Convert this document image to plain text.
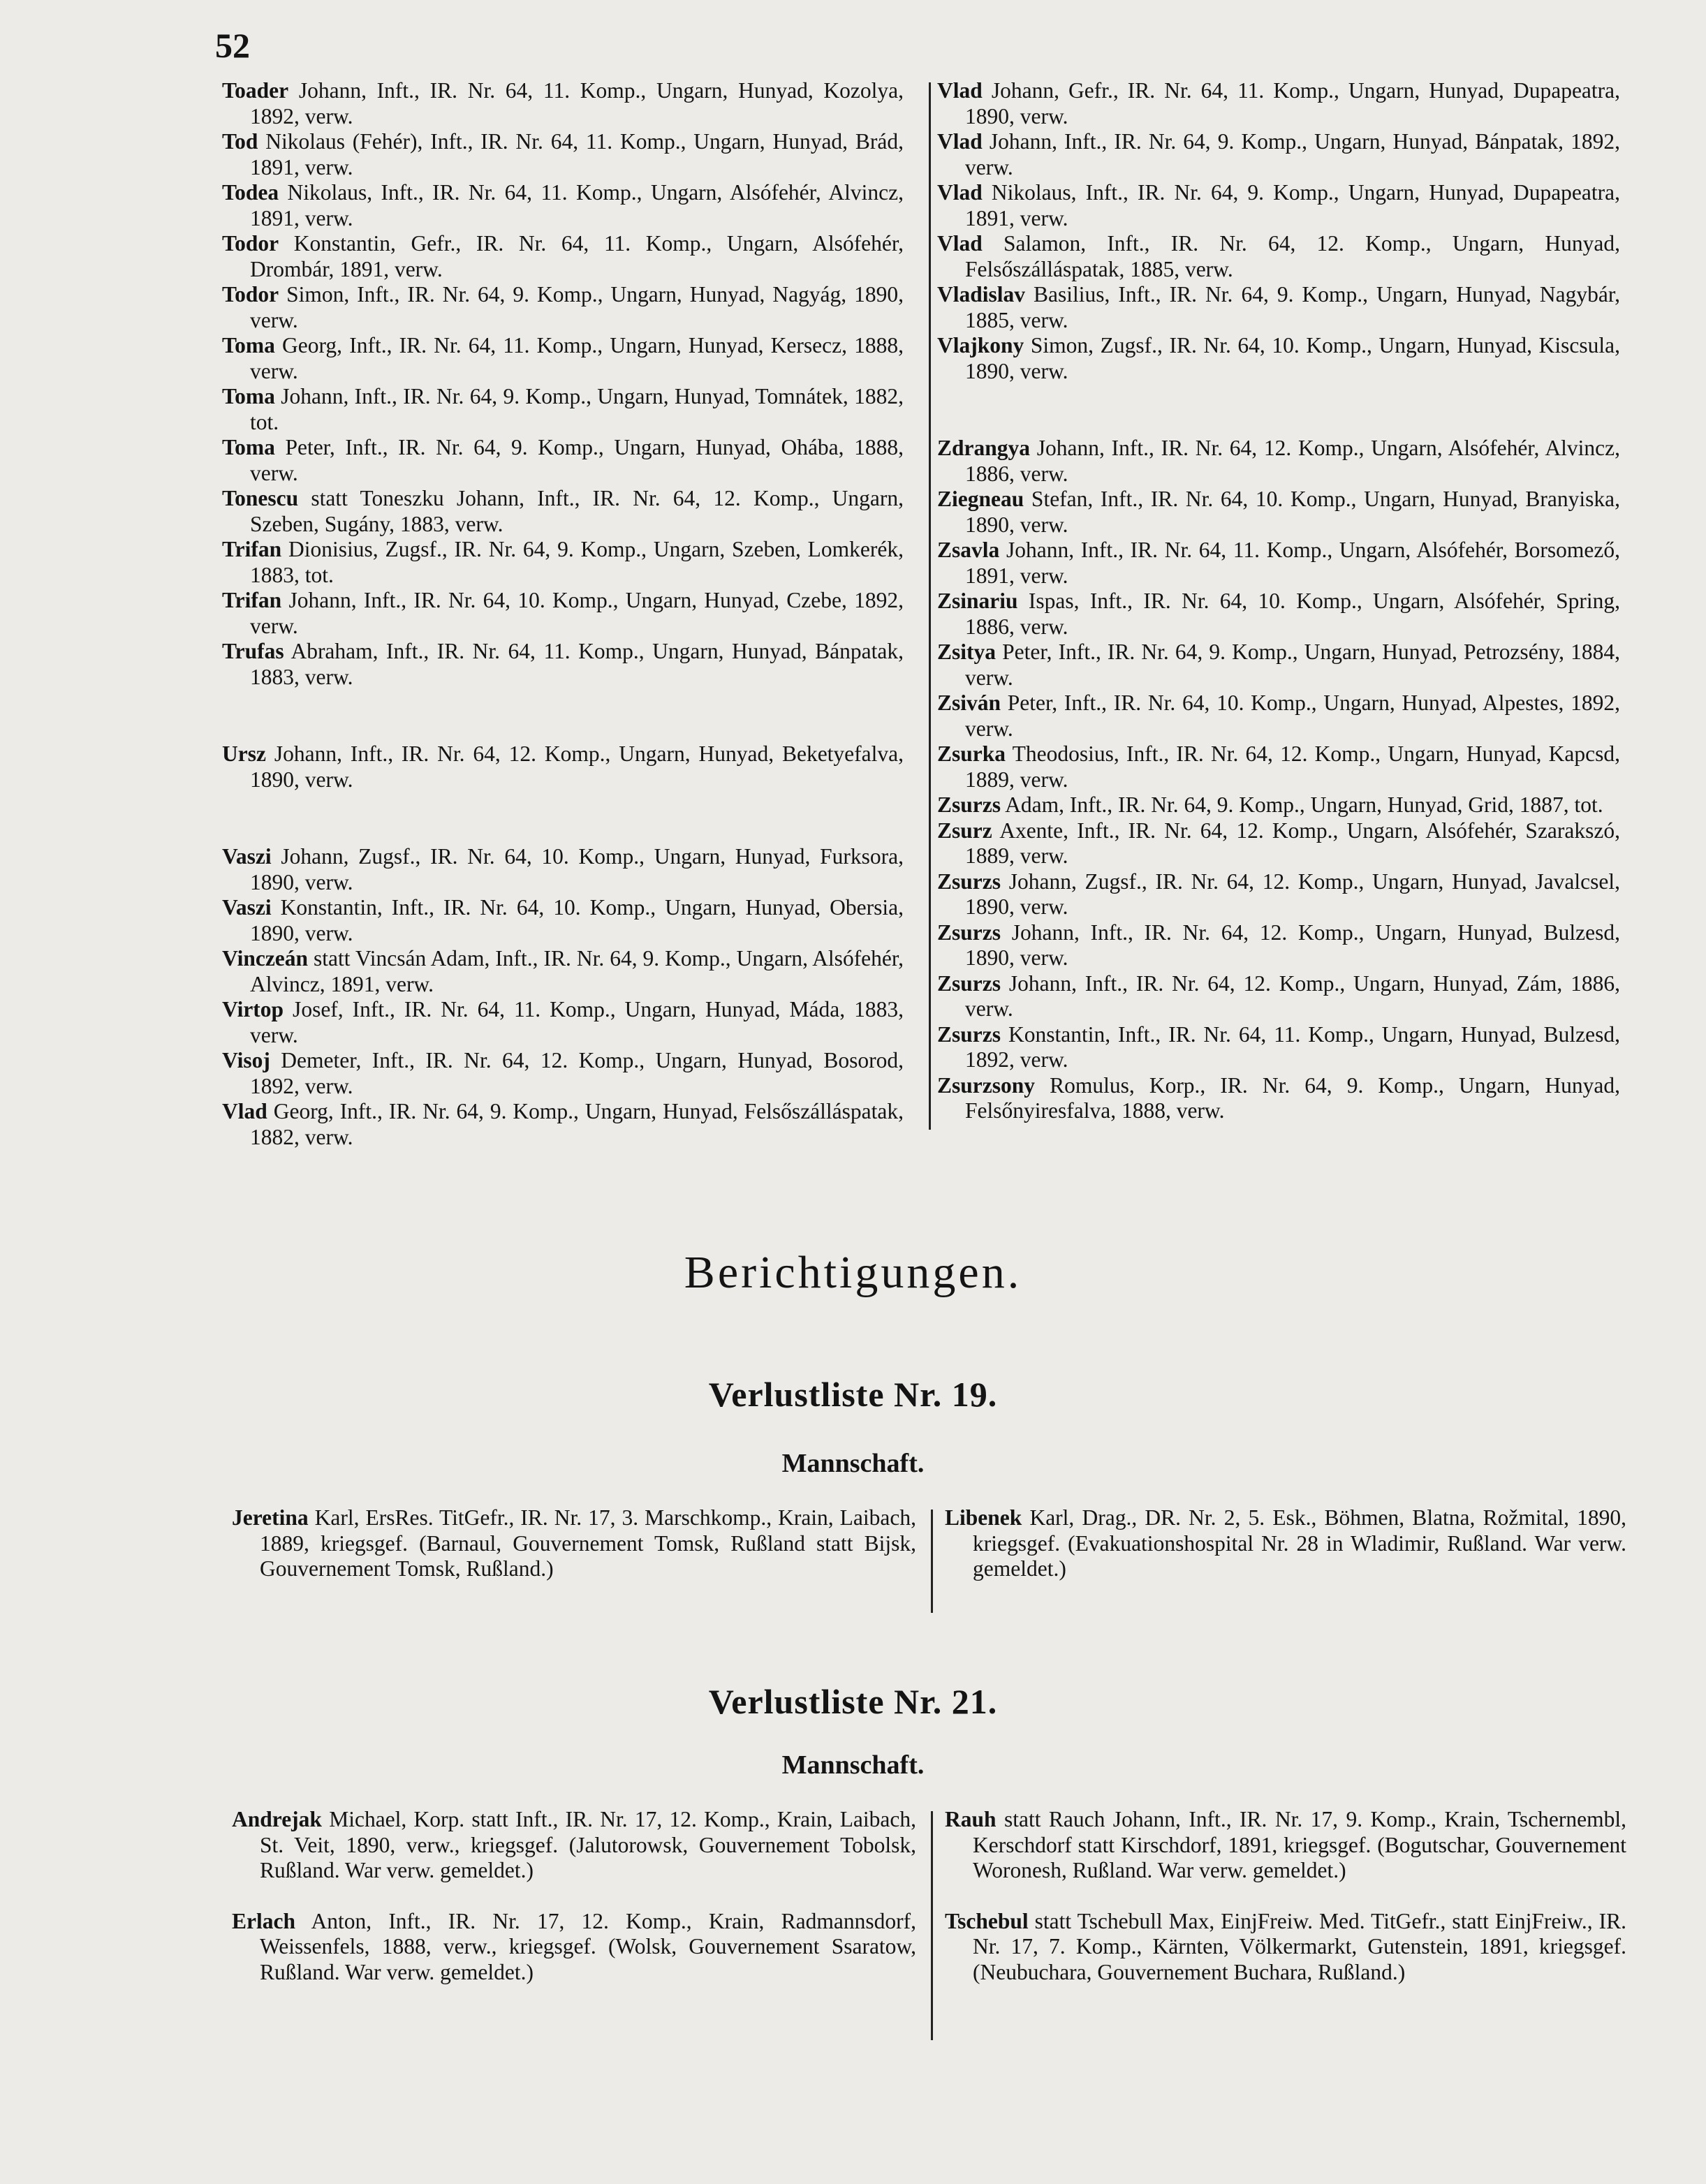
52
Toader Johann, Inft., IR. Nr. 64, 11. Komp., Ungarn, Hunyad, Kozolya, 1892, verw.
Tod Nikolaus (Fehér), Inft., IR. Nr. 64, 11. Komp., Ungarn, Hunyad, Brád, 1891, verw.
Todea Nikolaus, Inft., IR. Nr. 64, 11. Komp., Ungarn, Alsófehér, Alvincz, 1891, verw.
Todor Konstantin, Gefr., IR. Nr. 64, 11. Komp., Ungarn, Alsófehér, Drombár, 1891, verw.
Todor Simon, Inft., IR. Nr. 64, 9. Komp., Ungarn, Hunyad, Nagyág, 1890, verw.
Toma Georg, Inft., IR. Nr. 64, 11. Komp., Ungarn, Hunyad, Kersecz, 1888, verw.
Toma Johann, Inft., IR. Nr. 64, 9. Komp., Ungarn, Hunyad, Tomnátek, 1882, tot.
Toma Peter, Inft., IR. Nr. 64, 9. Komp., Ungarn, Hunyad, Ohába, 1888, verw.
Tonescu statt Toneszku Johann, Inft., IR. Nr. 64, 12. Komp., Ungarn, Szeben, Sugány, 1883, verw.
Trifan Dionisius, Zugsf., IR. Nr. 64, 9. Komp., Ungarn, Szeben, Lomkerék, 1883, tot.
Trifan Johann, Inft., IR. Nr. 64, 10. Komp., Ungarn, Hunyad, Czebe, 1892, verw.
Trufas Abraham, Inft., IR. Nr. 64, 11. Komp., Ungarn, Hunyad, Bánpatak, 1883, verw.
Ursz Johann, Inft., IR. Nr. 64, 12. Komp., Ungarn, Hunyad, Beketyefalva, 1890, verw.
Vaszi Johann, Zugsf., IR. Nr. 64, 10. Komp., Ungarn, Hunyad, Furksora, 1890, verw.
Vaszi Konstantin, Inft., IR. Nr. 64, 10. Komp., Ungarn, Hunyad, Obersia, 1890, verw.
Vinczeán statt Vincsán Adam, Inft., IR. Nr. 64, 9. Komp., Ungarn, Alsófehér, Alvincz, 1891, verw.
Virtop Josef, Inft., IR. Nr. 64, 11. Komp., Ungarn, Hunyad, Máda, 1883, verw.
Visoj Demeter, Inft., IR. Nr. 64, 12. Komp., Ungarn, Hunyad, Bosorod, 1892, verw.
Vlad Georg, Inft., IR. Nr. 64, 9. Komp., Ungarn, Hunyad, Felsőszálláspatak, 1882, verw.
Vlad Johann, Gefr., IR. Nr. 64, 11. Komp., Ungarn, Hunyad, Dupapeatra, 1890, verw.
Vlad Johann, Inft., IR. Nr. 64, 9. Komp., Ungarn, Hunyad, Bánpatak, 1892, verw.
Vlad Nikolaus, Inft., IR. Nr. 64, 9. Komp., Ungarn, Hunyad, Dupapeatra, 1891, verw.
Vlad Salamon, Inft., IR. Nr. 64, 12. Komp., Ungarn, Hunyad, Felsőszálláspatak, 1885, verw.
Vladislav Basilius, Inft., IR. Nr. 64, 9. Komp., Ungarn, Hunyad, Nagybár, 1885, verw.
Vlajkony Simon, Zugsf., IR. Nr. 64, 10. Komp., Ungarn, Hunyad, Kiscsula, 1890, verw.
Zdrangya Johann, Inft., IR. Nr. 64, 12. Komp., Ungarn, Alsófehér, Alvincz, 1886, verw.
Ziegneau Stefan, Inft., IR. Nr. 64, 10. Komp., Ungarn, Hunyad, Branyiska, 1890, verw.
Zsavla Johann, Inft., IR. Nr. 64, 11. Komp., Ungarn, Alsófehér, Borsomező, 1891, verw.
Zsinariu Ispas, Inft., IR. Nr. 64, 10. Komp., Ungarn, Alsófehér, Spring, 1886, verw.
Zsitya Peter, Inft., IR. Nr. 64, 9. Komp., Ungarn, Hunyad, Petrozsény, 1884, verw.
Zsiván Peter, Inft., IR. Nr. 64, 10. Komp., Ungarn, Hunyad, Alpestes, 1892, verw.
Zsurka Theodosius, Inft., IR. Nr. 64, 12. Komp., Ungarn, Hunyad, Kapcsd, 1889, verw.
Zsurzs Adam, Inft., IR. Nr. 64, 9. Komp., Ungarn, Hunyad, Grid, 1887, tot.
Zsurz Axente, Inft., IR. Nr. 64, 12. Komp., Ungarn, Alsófehér, Szarakszó, 1889, verw.
Zsurzs Johann, Zugsf., IR. Nr. 64, 12. Komp., Ungarn, Hunyad, Javalcsel, 1890, verw.
Zsurzs Johann, Inft., IR. Nr. 64, 12. Komp., Ungarn, Hunyad, Bulzesd, 1890, verw.
Zsurzs Johann, Inft., IR. Nr. 64, 12. Komp., Ungarn, Hunyad, Zám, 1886, verw.
Zsurzs Konstantin, Inft., IR. Nr. 64, 11. Komp., Ungarn, Hunyad, Bulzesd, 1892, verw.
Zsurzsony Romulus, Korp., IR. Nr. 64, 9. Komp., Ungarn, Hunyad, Felsőnyiresfalva, 1888, verw.
Berichtigungen.
Verlustliste Nr. 19.
Mannschaft.
Jeretina Karl, ErsRes. TitGefr., IR. Nr. 17, 3. Marschkomp., Krain, Laibach, 1889, kriegsgef. (Barnaul, Gouvernement Tomsk, Rußland statt Bijsk, Gouvernement Tomsk, Rußland.)
Libenek Karl, Drag., DR. Nr. 2, 5. Esk., Böhmen, Blatna, Rožmital, 1890, kriegsgef. (Evakuationshospital Nr. 28 in Wladimir, Rußland. War verw. gemeldet.)
Verlustliste Nr. 21.
Mannschaft.
Andrejak Michael, Korp. statt Inft., IR. Nr. 17, 12. Komp., Krain, Laibach, St. Veit, 1890, verw., kriegsgef. (Jalutorowsk, Gouvernement Tobolsk, Rußland. War verw. gemeldet.)
Erlach Anton, Inft., IR. Nr. 17, 12. Komp., Krain, Radmannsdorf, Weissenfels, 1888, verw., kriegsgef. (Wolsk, Gouvernement Ssaratow, Rußland. War verw. gemeldet.)
Rauh statt Rauch Johann, Inft., IR. Nr. 17, 9. Komp., Krain, Tschernembl, Kerschdorf statt Kirschdorf, 1891, kriegsgef. (Bogutschar, Gouvernement Woronesh, Rußland. War verw. gemeldet.)
Tschebul statt Tschebull Max, EinjFreiw. Med. TitGefr., statt EinjFreiw., IR. Nr. 17, 7. Komp., Kärnten, Völkermarkt, Gutenstein, 1891, kriegsgef. (Neubuchara, Gouvernement Buchara, Rußland.)
